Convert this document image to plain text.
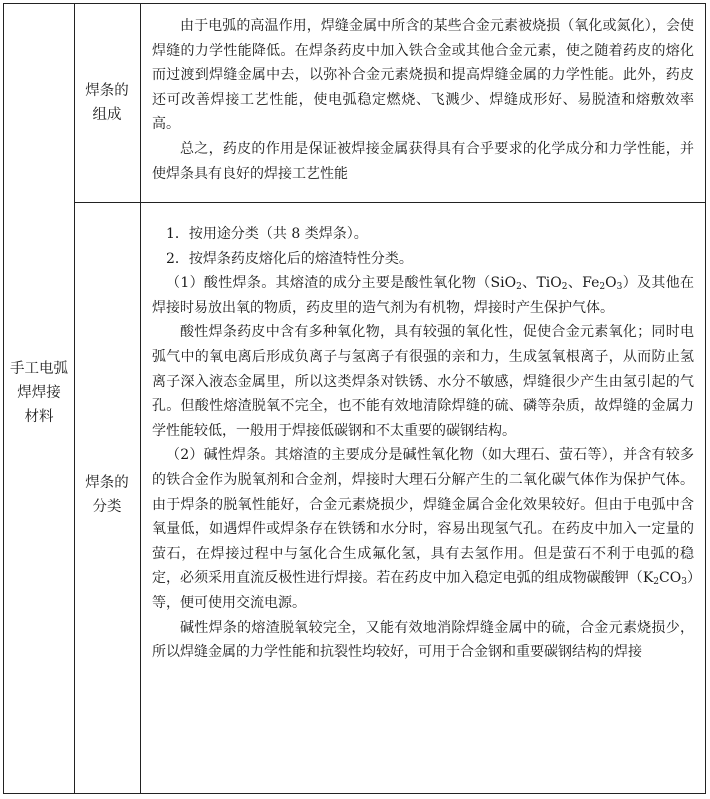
手工电弧
焊焊接
材料
焊条的
组成
焊条的
分类

由于电弧的高温作用，焊缝金属中所含的某些合金元素被烧损（氧化或氮化），会使焊缝的力学性能降低。在焊条药皮中加入铁合金或其他合金元素，使之随着药皮的熔化而过渡到焊缝金属中去，以弥补合金元素烧损和提高焊缝金属的力学性能。此外，药皮还可改善焊接工艺性能，使电弧稳定燃烧、飞溅少、焊缝成形好、易脱渣和熔敷效率高。

总之，药皮的作用是保证被焊接金属获得具有合乎要求的化学成分和力学性能，并使焊条具有良好的焊接工艺性能

1．按用途分类（共 8 类焊条）。

2．按焊条药皮熔化后的熔渣特性分类。

（1）酸性焊条。其熔渣的成分主要是酸性氧化物（SiO$_2$、TiO$_2$、$Fe_2O_3$）及其他在焊接时易放出氧的物质，药皮里的造气剂为有机物，焊接时产生保护气体。

酸性焊条药皮中含有多种氧化物，具有较强的氧化性，促使合金元素氧化；同时电弧气中的氧电离后形成负离子与氢离子有很强的亲和力，生成氢氧根离子，从而防止氢离子深入液态金属里，所以这类焊条对铁锈、水分不敏感，焊缝很少产生由氢引起的气孔。但酸性熔渣脱氧不完全，也不能有效地清除焊缝的硫、磷等杂质，故焊缝的金属力学性能较低，一般用于焊接低碳钢和不太重要的碳钢结构。

（2）碱性焊条。其熔渣的主要成分是碱性氧化物（如大理石、萤石等），并含有较多的铁合金作为脱氧剂和合金剂，焊接时大理石分解产生的二氧化碳气体作为保护气体。由于焊条的脱氧性能好，合金元素烧损少，焊缝金属合金化效果较好。但由于电弧中含氧量低，如遇焊件或焊条存在铁锈和水分时，容易出现氢气孔。在药皮中加入一定量的萤石，在焊接过程中与氢化合生成氟化氢，具有去氢作用。但是萤石不利于电弧的稳定，必须采用直流反极性进行焊接。若在药皮中加入稳定电弧的组成物碳酸钾$(K_2CO_3)$等，便可使用交流电源。

碱性焊条的熔渣脱氧较完全，又能有效地消除焊缝金属中的硫，合金元素烧损少，所以焊缝金属的力学性能和抗裂性均较好，可用于合金钢和重要碳钢结构的焊接
